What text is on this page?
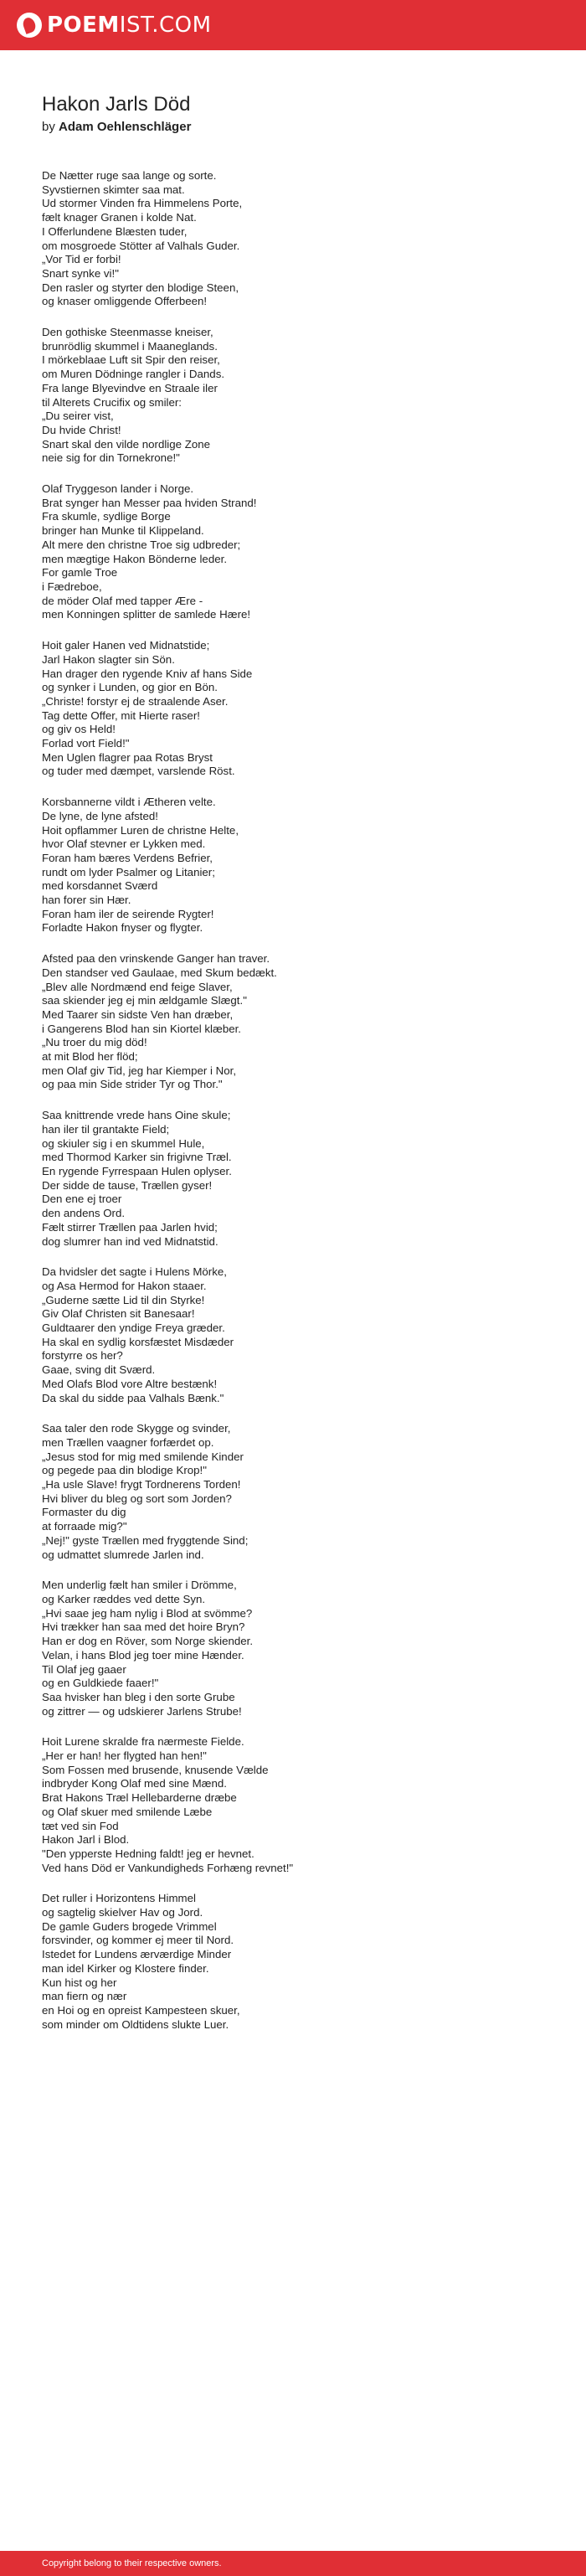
POEMIST.COM
Hakon Jarls Död
by Adam Oehlenschläger
De Nætter ruge saa lange og sorte.
Syvstiernen skimter saa mat.
Ud stormer Vinden fra Himmelens Porte,
fælt knager Granen i kolde Nat.
I Offerlundene Blæsten tuder,
om mosgroede Stötter af Valhals Guder.
„Vor Tid er forbi!
Snart synke vi!"
Den rasler og styrter den blodige Steen,
og knaser omliggende Offerbeen!
Den gothiske Steenmasse kneiser,
brunrödlig skummel i Maaneglands.
I mörkeblaae Luft sit Spir den reiser,
om Muren Dödninge rangler i Dands.
Fra lange Blyevindve en Straale iler
til Alterets Crucifix og smiler:
„Du seirer vist,
Du hvide Christ!
Snart skal den vilde nordlige Zone
neie sig for din Tornekrone!"
Olaf Tryggeson lander i Norge.
Brat synger han Messer paa hviden Strand!
Fra skumle, sydlige Borge
bringer han Munke til Klippeland.
Alt mere den christne Troe sig udbreder;
men mægtige Hakon Bönderne leder.
For gamle Troe
i Fædreboe,
de möder Olaf med tapper Ære -
men Konningen splitter de samlede Hære!
Hoit galer Hanen ved Midnatstide;
Jarl Hakon slagter sin Sön.
Han drager den rygende Kniv af hans Side
og synker i Lunden, og gior en Bön.
„Christe! forstyr ej de straalende Aser.
Tag dette Offer, mit Hierte raser!
og giv os Held!
Forlad vort Field!"
Men Uglen flagrer paa Rotas Bryst
og tuder med dæmpet, varslende Röst.
Korsbannerne vildt i Ætheren velte.
De lyne, de lyne afsted!
Hoit opflammer Luren de christne Helte,
hvor Olaf stevner er Lykken med.
Foran ham bæres Verdens Befrier,
rundt om lyder Psalmer og Litanier;
med korsdannet Sværd
han forer sin Hær.
Foran ham iler de seirende Rygter!
Forladte Hakon fnyser og flygter.
Afsted paa den vrinskende Ganger han traver.
Den standser ved Gaulaae, med Skum bedækt.
„Blev alle Nordmænd end feige Slaver,
saa skiender jeg ej min ældgamle Slægt."
Med Taarer sin sidste Ven han dræber,
i Gangerens Blod han sin Kiortel klæber.
„Nu troer du mig död!
at mit Blod her flöd;
men Olaf giv Tid, jeg har Kiemper i Nor,
og paa min Side strider Tyr og Thor."
Saa knittrende vrede hans Oine skule;
han iler til grantakte Field;
og skiuler sig i en skummel Hule,
med Thormod Karker sin frigivne Træl.
En rygende Fyrrespaan Hulen oplyser.
Der sidde de tause, Trællen gyser!
Den ene ej troer
den andens Ord.
Fælt stirrer Trællen paa Jarlen hvid;
dog slumrer han ind ved Midnatstid.
Da hvidsler det sagte i Hulens Mörke,
og Asa Hermod for Hakon staaer.
„Guderne sætte Lid til din Styrke!
Giv Olaf Christen sit Banesaar!
Guldtaarer den yndige Freya græder.
Ha skal en sydlig korsfæstet Misdæder
forstyrre os her?
Gaae, sving dit Sværd.
Med Olafs Blod vore Altre bestænk!
Da skal du sidde paa Valhals Bænk."
Saa taler den rode Skygge og svinder,
men Trællen vaagner forfærdet op.
„Jesus stod for mig med smilende Kinder
og pegede paa din blodige Krop!"
„Ha usle Slave! frygt Tordnerens Torden!
Hvi bliver du bleg og sort som Jorden?
Formaster du dig
at forraade mig?"
„Nej!" gyste Trællen med fryggtende Sind;
og udmattet slumrede Jarlen ind.
Men underlig fælt han smiler i Drömme,
og Karker ræddes ved dette Syn.
„Hvi saae jeg ham nylig i Blod at svömme?
Hvi trækker han saa med det hoire Bryn?
Han er dog en Röver, som Norge skiender.
Velan, i hans Blod jeg toer mine Hænder.
Til Olaf jeg gaaer
og en Guldkiede faaer!"
Saa hvisker han bleg i den sorte Grube
og zittrer — og udskierer Jarlens Strube!
Hoit Lurene skralde fra nærmeste Fielde.
„Her er han! her flygted han hen!"
Som Fossen med brusende, knusende Vælde
indbryder Kong Olaf med sine Mænd.
Brat Hakons Træl Hellebarderne dræbe
og Olaf skuer med smilende Læbe
tæt ved sin Fod
Hakon Jarl i Blod.
"Den ypperste Hedning faldt! jeg er hevnet.
Ved hans Död er Vankundigheds Forhæng revnet!"
Det ruller i Horizontens Himmel
og sagtelig skielver Hav og Jord.
De gamle Guders brogede Vrimmel
forsvinder, og kommer ej meer til Nord.
Istedet for Lundens ærværdige Minder
man idel Kirker og Klostere finder.
Kun hist og her
man fiern og nær
en Hoi og en opreist Kampesteen skuer,
som minder om Oldtidens slukte Luer.
Copyright belong to their respective owners.
